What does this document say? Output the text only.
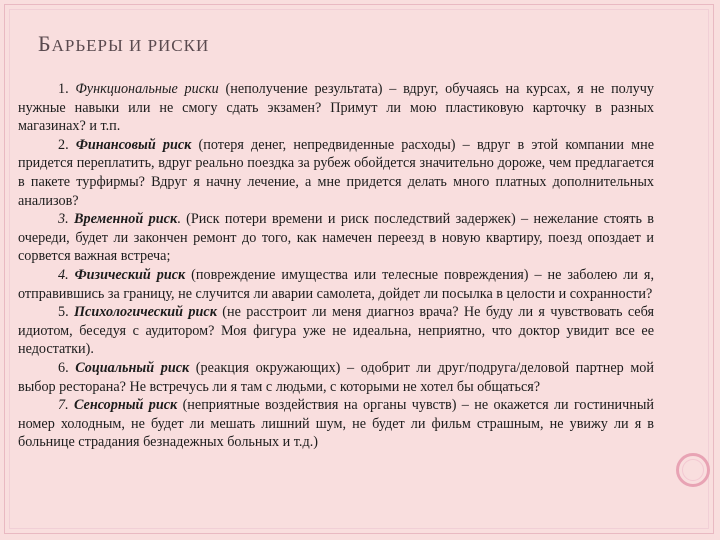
БАРЬЕРЫ И РИСКИ

1. Функциональные риски (неполучение результата) – вдруг, обучаясь на курсах, я не получу нужные навыки или не смогу сдать экзамен? Примут ли мою пластиковую карточку в разных магазинах? и т.п.

2. Финансовый риск (потеря денег, непредвиденные расходы) – вдруг в этой компании мне придется переплатить, вдруг реально поездка за рубеж обойдется значительно дороже, чем предлагается в пакете турфирмы? Вдруг я начну лечение, а мне придется делать много платных дополнительных анализов?

3. Временной риск. (Риск потери времени и риск последствий задержек) – нежелание стоять в очереди, будет ли закончен ремонт до того, как намечен переезд в новую квартиру, поезд опоздает и сорвется важная встреча;

4. Физический риск (повреждение имущества или телесные повреждения) – не заболею ли я, отправившись за границу, не случится ли аварии самолета, дойдет ли посылка в целости и сохранности?

5. Психологический риск (не расстроит ли меня диагноз врача? Не буду ли я чувствовать себя идиотом, беседуя с аудитором? Моя фигура уже не идеальна, неприятно, что доктор увидит все ее недостатки).

6. Социальный риск (реакция окружающих) – одобрит ли друг/подруга/деловой партнер мой выбор ресторана? Не встречусь ли я там с людьми, с которыми не хотел бы общаться?

7. Сенсорный риск (неприятные воздействия на органы чувств) – не окажется ли гостиничный номер холодным, не будет ли мешать лишний шум, не будет ли фильм страшным, не увижу ли я в больнице страдания безнадежных больных и т.д.)
